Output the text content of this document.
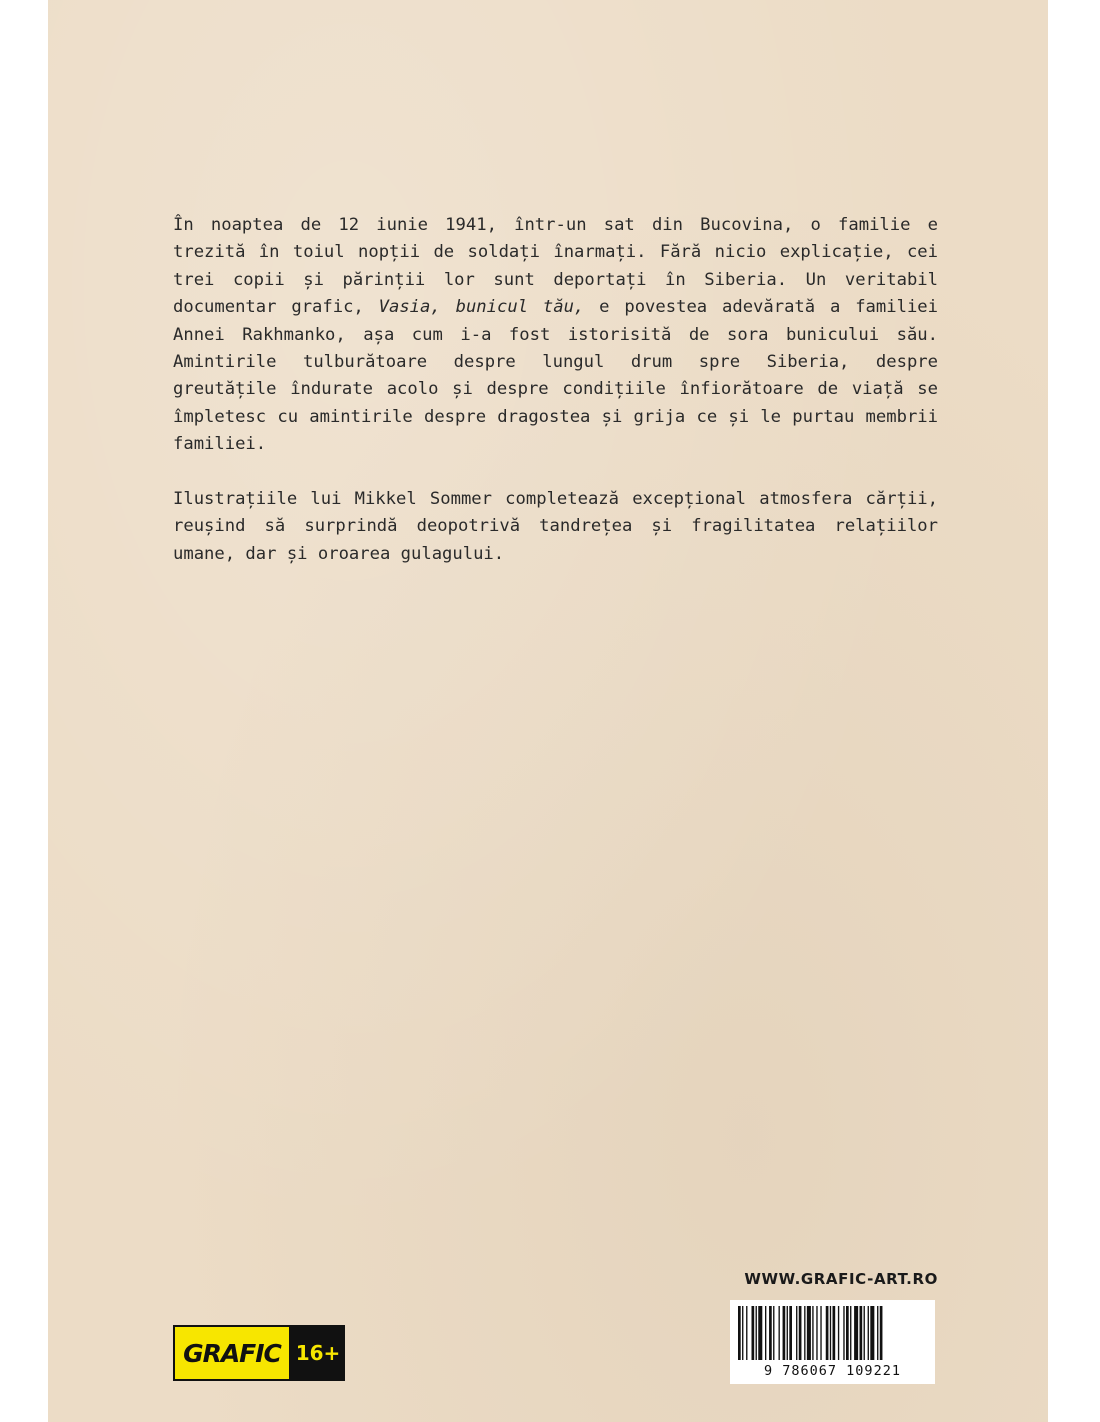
În noaptea de 12 iunie 1941, într-un sat din Bucovina, o familie e trezită în toiul nopții de soldați înarmați. Fără nicio explicație, cei trei copii și părinții lor sunt deportați în Siberia. Un veritabil documentar grafic, Vasia, bunicul tău, e povestea adevărată a familiei Annei Rakhmanko, așa cum i-a fost istorisită de sora bunicului său. Amintirile tulburătoare despre lungul drum spre Siberia, despre greutățile îndurate acolo și despre condițiile înfiorătoare de viață se împletesc cu amintirile despre dragostea și grija ce și le purtau membrii familiei.

Ilustrațiile lui Mikkel Sommer completează excepțional atmosfera cărții, reușind să surprindă deopotrivă tandrețea și fragilitatea relațiilor umane, dar și oroarea gulagului.

GRAFIC 16+
WWW.GRAFIC-ART.RO
9 786067 109221
